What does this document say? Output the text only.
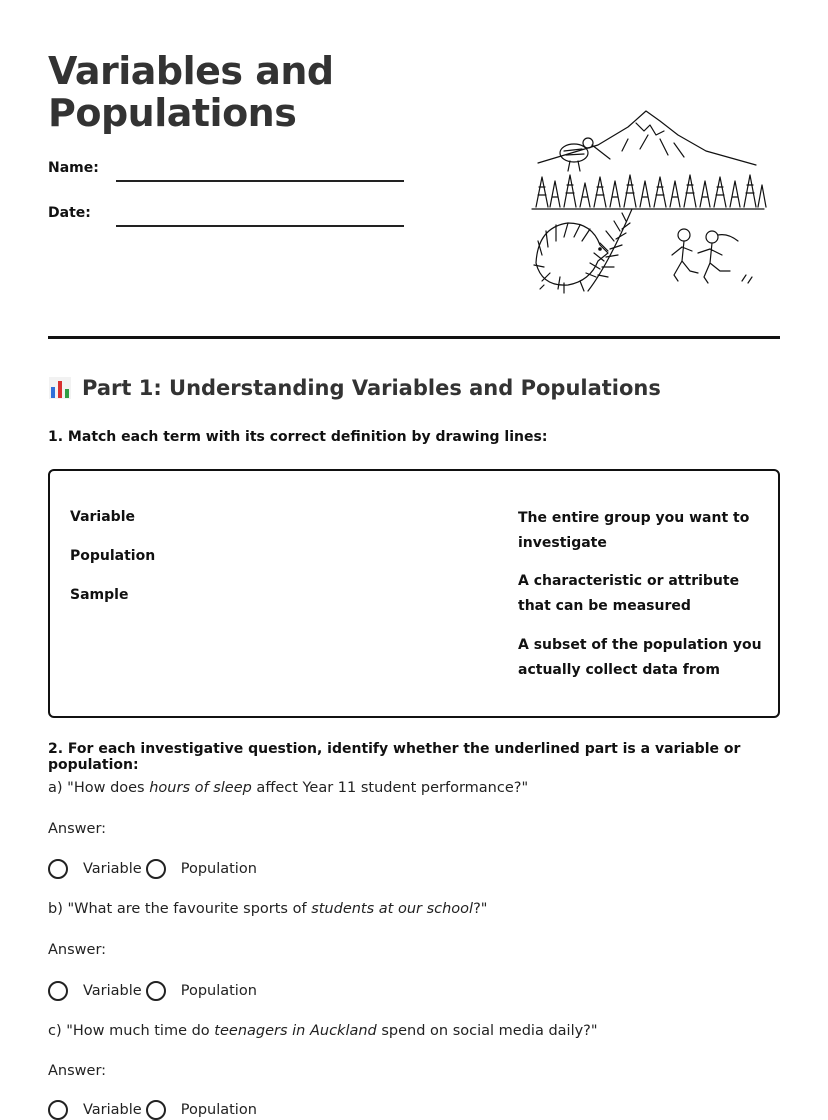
Variables and
Populations
Name:
Date:
Part 1: Understanding Variables and Populations
1. Match each term with its correct definition by drawing lines:
Variable
Population
Sample
The entire group you want to investigate
A characteristic or attribute that can be measured
A subset of the population you actually collect data from
2. For each investigative question, identify whether the underlined part is a variable or population:
a) "How does hours of sleep affect Year 11 student performance?"
Answer:
Variable	Population
b) "What are the favourite sports of students at our school?"
Answer:
Variable	Population
c) "How much time do teenagers in Auckland spend on social media daily?"
Answer:
Variable	Population
